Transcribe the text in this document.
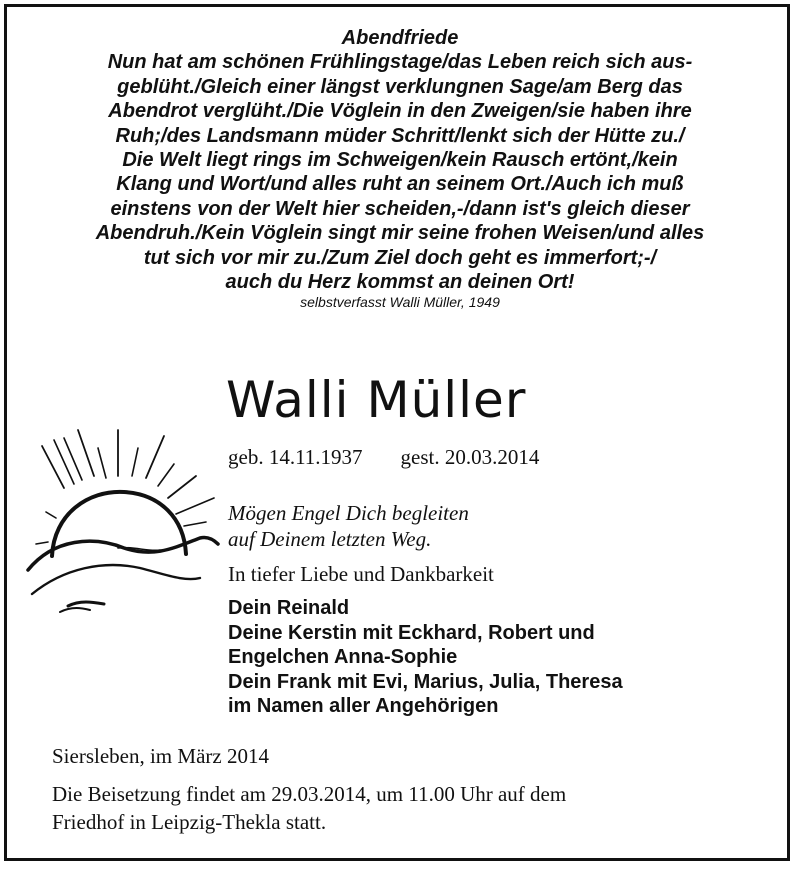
Abendfriede
Nun hat am schönen Frühlingstage/das Leben reich sich aus-
geblüht./Gleich einer längst verklungnen Sage/am Berg das
Abendrot verglüht./Die Vöglein in den Zweigen/sie haben ihre
Ruh;/des Landsmann müder Schritt/lenkt sich der Hütte zu./
Die Welt liegt rings im Schweigen/kein Rausch ertönt,/kein
Klang und Wort/und alles ruht an seinem Ort./Auch ich muß
einstens von der Welt hier scheiden,-/dann ist's gleich dieser
Abendruh./Kein Vöglein singt mir seine frohen Weisen/und alles
tut sich vor mir zu./Zum Ziel doch geht es immerfort;-/
auch du Herz kommst an deinen Ort!
selbstverfasst Walli Müller, 1949
Walli Müller
geb. 14.11.1937 gest. 20.03.2014
Mögen Engel Dich begleiten
auf Deinem letzten Weg.
In tiefer Liebe und Dankbarkeit
Dein Reinald
Deine Kerstin mit Eckhard, Robert und
Engelchen Anna-Sophie
Dein Frank mit Evi, Marius, Julia, Theresa
im Namen aller Angehörigen
Siersleben, im März 2014
Die Beisetzung findet am 29.03.2014, um 11.00 Uhr auf dem
Friedhof in Leipzig-Thekla statt.
